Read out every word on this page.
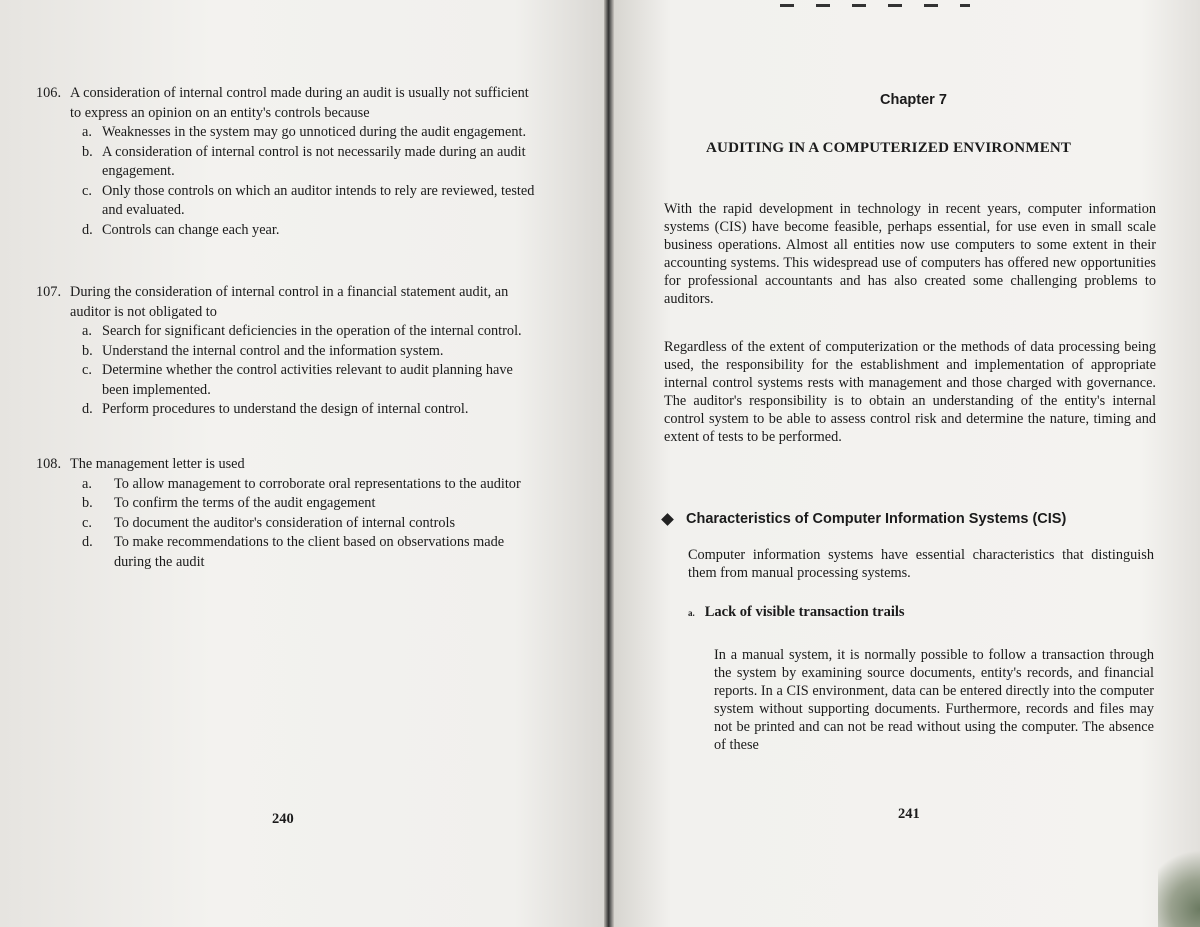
106. A consideration of internal control made during an audit is usually not sufficient to express an opinion on an entity's controls because
a. Weaknesses in the system may go unnoticed during the audit engagement.
b. A consideration of internal control is not necessarily made during an audit engagement.
c. Only those controls on which an auditor intends to rely are reviewed, tested and evaluated.
d. Controls can change each year.
107. During the consideration of internal control in a financial statement audit, an auditor is not obligated to
a. Search for significant deficiencies in the operation of the internal control.
b. Understand the internal control and the information system.
c. Determine whether the control activities relevant to audit planning have been implemented.
d. Perform procedures to understand the design of internal control.
108. The management letter is used
a.	To allow management to corroborate oral representations to the auditor
b.	To confirm the terms of the audit engagement
c.	To document the auditor's consideration of internal controls
d.	To make recommendations to the client based on observations made during the audit
240
Chapter 7
AUDITING IN A COMPUTERIZED ENVIRONMENT
With the rapid development in technology in recent years, computer information systems (CIS) have become feasible, perhaps essential, for use even in small scale business operations. Almost all entities now use computers to some extent in their accounting systems. This widespread use of computers has offered new opportunities for professional accountants and has also created some challenging problems to auditors.
Regardless of the extent of computerization or the methods of data processing being used, the responsibility for the establishment and implementation of appropriate internal control systems rests with management and those charged with governance. The auditor's responsibility is to obtain an understanding of the entity's internal control system to be able to assess control risk and determine the nature, timing and extent of tests to be performed.
Characteristics of Computer Information Systems (CIS)
Computer information systems have essential characteristics that distinguish them from manual processing systems.
a. Lack of visible transaction trails
In a manual system, it is normally possible to follow a transaction through the system by examining source documents, entity's records, and financial reports. In a CIS environment, data can be entered directly into the computer system without supporting documents. Furthermore, records and files may not be printed and can not be read without using the computer. The absence of these
241
